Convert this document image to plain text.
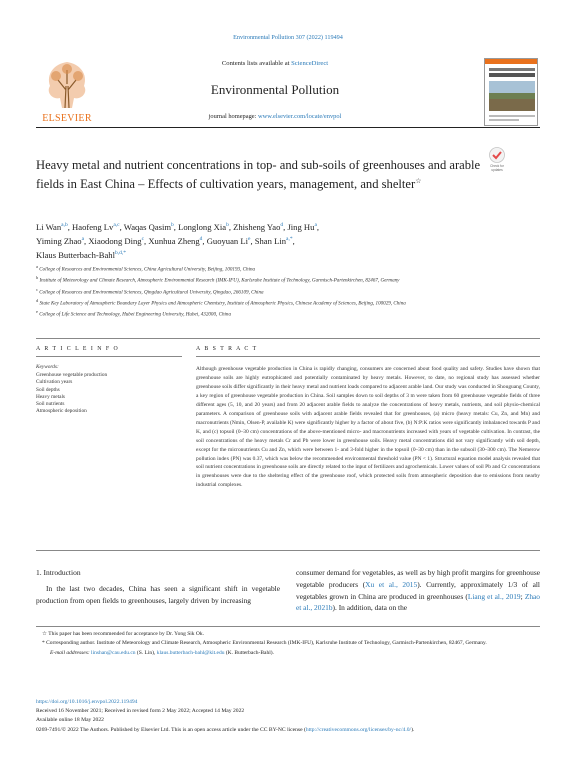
Environmental Pollution 307 (2022) 119494
ELSEVIER
Contents lists available at ScienceDirect
Environmental Pollution
journal homepage: www.elsevier.com/locate/envpol
Heavy metal and nutrient concentrations in top- and sub-soils of greenhouses and arable fields in East China – Effects of cultivation years, management, and shelter☆
Check for
updates
Li Wan$^{a,b}$, Haofeng Lv$^{a,c}$, Waqas Qasim$^b$, Longlong Xia$^b$, Zhisheng Yao$^d$, Jing Hu$^a$,
Yiming Zhao$^a$, Xiaodong Ding$^c$, Xunhua Zheng$^d$, Guoyuan Li$^e$, Shan Lin$^{a,*}$,
Klaus Butterbach-Bahl$^{b,d,*}$
$^a$ College of Resources and Environmental Sciences, China Agricultural University, Beijing, 100193, China
$^b$ Institute of Meteorology and Climate Research, Atmospheric Environmental Research (IMK-IFU), Karlsruhe Institute of Technology, Garmisch-Partenkirchen, 82467, Germany
$^c$ College of Resources and Environmental Sciences, Qingdao Agricultural University, Qingdao, 266109, China
$^d$ State Key Laboratory of Atmospheric Boundary Layer Physics and Atmospheric Chemistry, Institute of Atmospheric Physics, Chinese Academy of Sciences, Beijing, 100029, China
$^e$ College of Life Science and Technology, Hubei Engineering University, Hubei, 432000, China
A R T I C L E I N F O	A B S T R A C T
Keywords:
Greenhouse vegetable production
Cultivation years
Soil depths
Heavy metals
Soil nutrients
Atmospheric deposition
Although greenhouse vegetable production in China is rapidly changing, consumers are concerned about food quality and safety. Studies have shown that greenhouse soils are highly eutrophicated and potentially contaminated by heavy metals. However, to date, no regional study has assessed whether greenhouse soils differ significantly in their heavy metal and nutrient loads compared to adjacent arable land. Our study was conducted in Shouguang County, a key region of greenhouse vegetable production in China. Soil samples down to soil depths of 3 m were taken from 60 greenhouse vegetable fields of three different ages (5, 10, and 20 years) and from 20 adjacent arable fields to analyze the concentrations of heavy metals, nutrients, and soil physio-chemical parameters. A comparison of greenhouse soils with adjacent arable fields revealed that for greenhouses, (a) micro (heavy metals: Cu, Zn, and Mn) and macronutrients (Nmin, Olsen-P, available K) were significantly higher by a factor of about five, (b) N:P:K ratios were significantly imbalanced towards P and K, and (c) topsoil (0–30 cm) concentrations of the above-mentioned micro- and macronutrients increased with years of vegetable cultivation. In contrast, the soil concentrations of the heavy metals Cr and Pb were lower in greenhouse soils. Heavy metal concentrations did not vary significantly with soil depth, except for the micronutrients Cu and Zn, which were between 1- and 3-fold higher in the topsoil (0–30 cm) than in the subsoil (30–300 cm). The Nemerow pollution index (PN) was 0.37, which was below the recommended environmental threshold value (PN < 1). Structural equation model analysis revealed that soil nutrient concentrations in greenhouse soils are directly related to the input of fertilizers and agrochemicals. Lower values of soil Pb and Cr concentrations in greenhouses were due to the sheltering effect of the greenhouse roof, which protected soils from atmospheric deposition due to emissions from nearby industrial complexes.
1. Introduction
In the last two decades, China has seen a significant shift in vegetable production from open fields to greenhouses, largely driven by increasing
consumer demand for vegetables, as well as by high profit margins for greenhouse vegetable producers (Xu et al., 2015). Currently, approximately 1/3 of all vegetables grown in China are produced in greenhouses (Liang et al., 2019; Zhao et al., 2021b). In addition, data on the
☆ This paper has been recommended for acceptance by Dr. Yong Sik Ok.
* Corresponding author. Institute of Meteorology and Climate Research, Atmospheric Environmental Research (IMK-IFU), Karlsruhe Institute of Technology, Garmisch-Partenkirchen, 82467, Germany.
E-mail addresses: linshan@cau.edu.cn (S. Lin), klaus.butterbach-bahl@kit.edu (K. Butterbach-Bahl).
https://doi.org/10.1016/j.envpol.2022.119494
Received 16 November 2021; Received in revised form 2 May 2022; Accepted 14 May 2022
Available online 18 May 2022
0269-7491/© 2022 The Authors. Published by Elsevier Ltd. This is an open access article under the CC BY-NC license (http://creativecommons.org/licenses/by-nc/4.0/).
